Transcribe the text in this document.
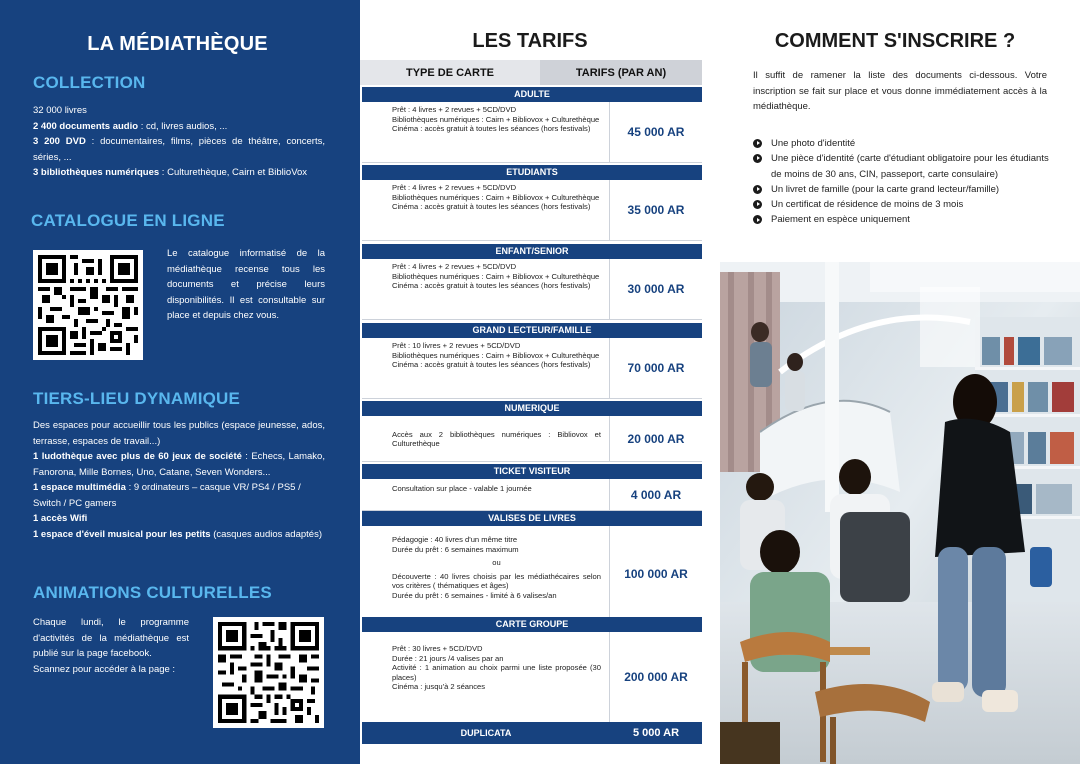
LA MÉDIATHÈQUE
COLLECTION
32 000 livres
2 400 documents audio : cd, livres audios, ...
3 200 DVD : documentaires, films, pièces de théâtre, concerts, séries, ...
3 bibliothèques numériques : Culturethèque, Cairn et BiblioVox
CATALOGUE EN LIGNE
Le catalogue informatisé de la médiathèque recense tous les documents et précise leurs disponibilités. Il est consultable sur place et depuis chez vous.
TIERS-LIEU DYNAMIQUE
Des espaces pour accueillir tous les publics (espace jeunesse, ados, terrasse, espaces de travail...)
1 ludothèque avec plus de 60 jeux de société : Echecs, Lamako, Fanorona, Mille Bornes, Uno, Catane, Seven Wonders...
1 espace multimédia : 9 ordinateurs – casque VR/ PS4 / PS5 / Switch / PC gamers
1 accès Wifi
1 espace d'éveil musical pour les petits (casques audios adaptés)
ANIMATIONS CULTURELLES
Chaque lundi, le programme d'activités de la médiathèque est publié sur la page facebook.
Scannez pour accéder à la page :
LES TARIFS
TYPE DE CARTE	TARIFS (PAR AN)
ADULTE
Prêt : 4 livres + 2 revues + 5CD/DVD
Bibliothèques numériques : Cairn + Bibliovox + Culturethèque
Cinéma : accès gratuit à toutes les séances (hors festivals)	45 000 AR
ETUDIANTS
Prêt : 4 livres + 2 revues + 5CD/DVD
Bibliothèques numériques : Cairn + Bibliovox + Culturethèque
Cinéma : accès gratuit à toutes les séances (hors festivals)	35 000 AR
ENFANT/SENIOR
Prêt : 4 livres + 2 revues + 5CD/DVD
Bibliothèques numériques : Cairn + Bibliovox + Culturethèque
Cinéma : accès gratuit à toutes les séances (hors festivals)	30 000 AR
GRAND LECTEUR/FAMILLE
Prêt : 10 livres + 2 revues + 5CD/DVD
Bibliothèques numériques : Cairn + Bibliovox + Culturethèque
Cinéma : accès gratuit à toutes les séances (hors festivals)	70 000 AR
NUMERIQUE
Accès aux 2 bibliothèques numériques : Bibliovox et Culturethèque	20 000 AR
TICKET VISITEUR
Consultation sur place - valable 1 journée	4 000 AR
VALISES DE LIVRES
Pédagogie : 40 livres d'un même titre
Durée du prêt : 6 semaines maximum
ou
Découverte : 40 livres choisis par les médiathécaires selon vos critères ( thématiques et âges)
Durée du prêt : 6 semaines - limité à 6 valises/an
100 000 AR
CARTE GROUPE
Prêt : 30 livres + 5CD/DVD
Durée : 21 jours /4 valises par an
Activité : 1 animation au choix parmi une liste proposée (30 places)
Cinéma : jusqu'à 2 séances
200 000 AR
DUPLICATA	5 000 AR
COMMENT S'INSCRIRE ?
Il suffit de ramener la liste des documents ci-dessous. Votre inscription se fait sur place et vous donne immédiatement accès à la médiathèque.
Une photo d'identité
Une pièce d'identité (carte d'étudiant obligatoire pour les étudiants de moins de 30 ans, CIN, passeport, carte consulaire)
Un livret de famille (pour la carte grand lecteur/famille)
Un certificat de résidence de moins de 3 mois
Paiement en espèce uniquement
